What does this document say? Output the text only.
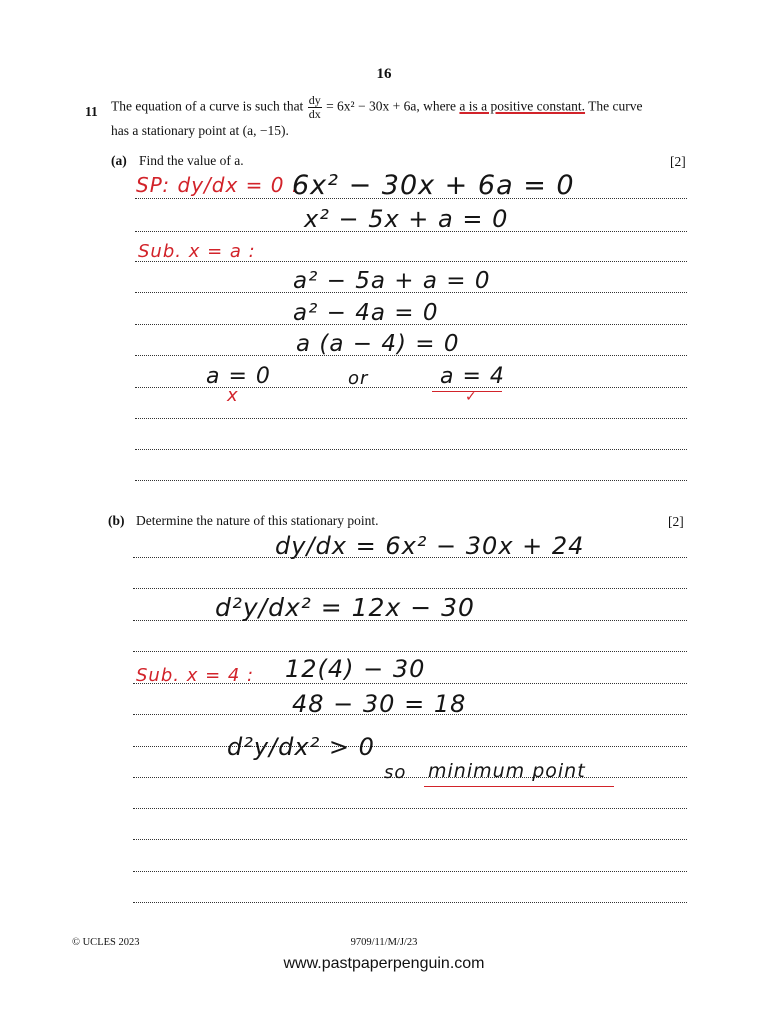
16
11 The equation of a curve is such that $\frac{dy}{dx} = 6x^2 - 30x + 6a$, where a is a positive constant. The curve
has a stationary point at (a, −15).
(a) Find the value of a.	[2]
SP: dy/dx = 0 :
6x² − 30x + 6a = 0
x² − 5x + a = 0
Sub. x = a :
a² − 5a + a = 0
a² − 4a = 0
a (a − 4) = 0
a = 0
x
or	a = 4
✓
(b) Determine the nature of this stationary point.	[2]
dy/dx = 6x² − 30x + 24
d²y/dx² = 12x − 30
Sub. x = 4 : 12(4) − 30
48 − 30 = 18
d²y/dx² > 0
so minimum point
© UCLES 2023	9709/11/M/J/23
www.pastpaperpenguin.com
